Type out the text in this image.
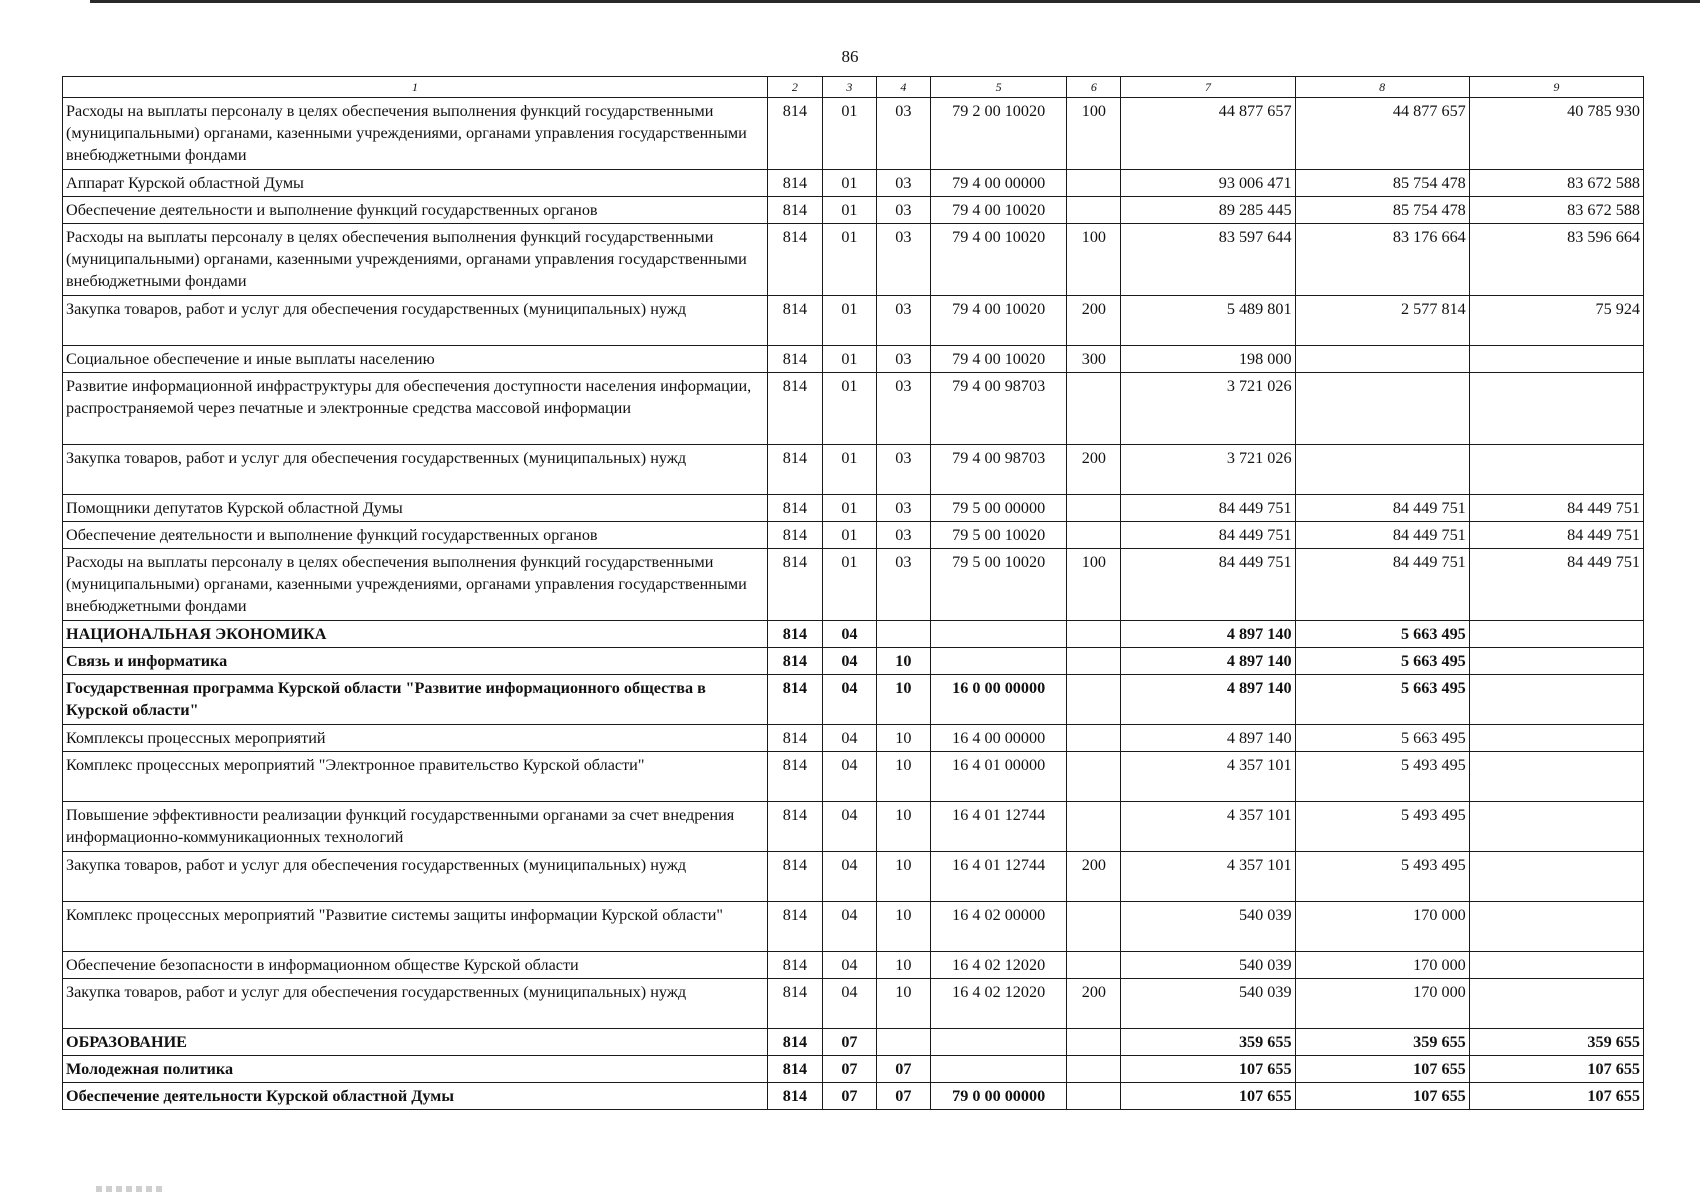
86
1	2	3	4	5	6	7	8	9
Расходы на выплаты персоналу в целях обеспечения выполнения функций государственными (муниципальными) органами, казенными учреждениями, органами управления государственными внебюджетными фондами	814	01	03	79 2 00 10020	100	44 877 657	44 877 657	40 785 930
Аппарат Курской областной Думы	814	01	03	79 4 00 00000		93 006 471	85 754 478	83 672 588
Обеспечение деятельности и выполнение функций государственных органов	814	01	03	79 4 00 10020		89 285 445	85 754 478	83 672 588
Расходы на выплаты персоналу в целях обеспечения выполнения функций государственными (муниципальными) органами, казенными учреждениями, органами управления государственными внебюджетными фондами	814	01	03	79 4 00 10020	100	83 597 644	83 176 664	83 596 664
Закупка товаров, работ и услуг для обеспечения государственных (муниципальных) нужд	814	01	03	79 4 00 10020	200	5 489 801	2 577 814	75 924
Социальное обеспечение и иные выплаты населению	814	01	03	79 4 00 10020	300	198 000		
Развитие информационной инфраструктуры для обеспечения доступности населения информации, распространяемой через печатные и электронные средства массовой информации	814	01	03	79 4 00 98703		3 721 026		
Закупка товаров, работ и услуг для обеспечения государственных (муниципальных) нужд	814	01	03	79 4 00 98703	200	3 721 026		
Помощники депутатов Курской областной Думы	814	01	03	79 5 00 00000		84 449 751	84 449 751	84 449 751
Обеспечение деятельности и выполнение функций государственных органов	814	01	03	79 5 00 10020		84 449 751	84 449 751	84 449 751
Расходы на выплаты персоналу в целях обеспечения выполнения функций государственными (муниципальными) органами, казенными учреждениями, органами управления государственными внебюджетными фондами	814	01	03	79 5 00 10020	100	84 449 751	84 449 751	84 449 751
НАЦИОНАЛЬНАЯ ЭКОНОМИКА	814	04				4 897 140	5 663 495	
Связь и информатика	814	04	10			4 897 140	5 663 495	
Государственная программа Курской области "Развитие информационного общества в Курской области"	814	04	10	16 0 00 00000		4 897 140	5 663 495	
Комплексы процессных мероприятий	814	04	10	16 4 00 00000		4 897 140	5 663 495	
Комплекс процессных мероприятий "Электронное правительство Курской области"	814	04	10	16 4 01 00000		4 357 101	5 493 495	
Повышение эффективности реализации функций государственными органами за счет внедрения информационно-коммуникационных технологий	814	04	10	16 4 01 12744		4 357 101	5 493 495	
Закупка товаров, работ и услуг для обеспечения государственных (муниципальных) нужд	814	04	10	16 4 01 12744	200	4 357 101	5 493 495	
Комплекс процессных мероприятий "Развитие системы защиты информации Курской области"	814	04	10	16 4 02 00000		540 039	170 000	
Обеспечение безопасности в информационном обществе Курской области	814	04	10	16 4 02 12020		540 039	170 000	
Закупка товаров, работ и услуг для обеспечения государственных (муниципальных) нужд	814	04	10	16 4 02 12020	200	540 039	170 000	
ОБРАЗОВАНИЕ	814	07				359 655	359 655	359 655
Молодежная политика	814	07	07			107 655	107 655	107 655
Обеспечение деятельности Курской областной Думы	814	07	07	79 0 00 00000		107 655	107 655	107 655
